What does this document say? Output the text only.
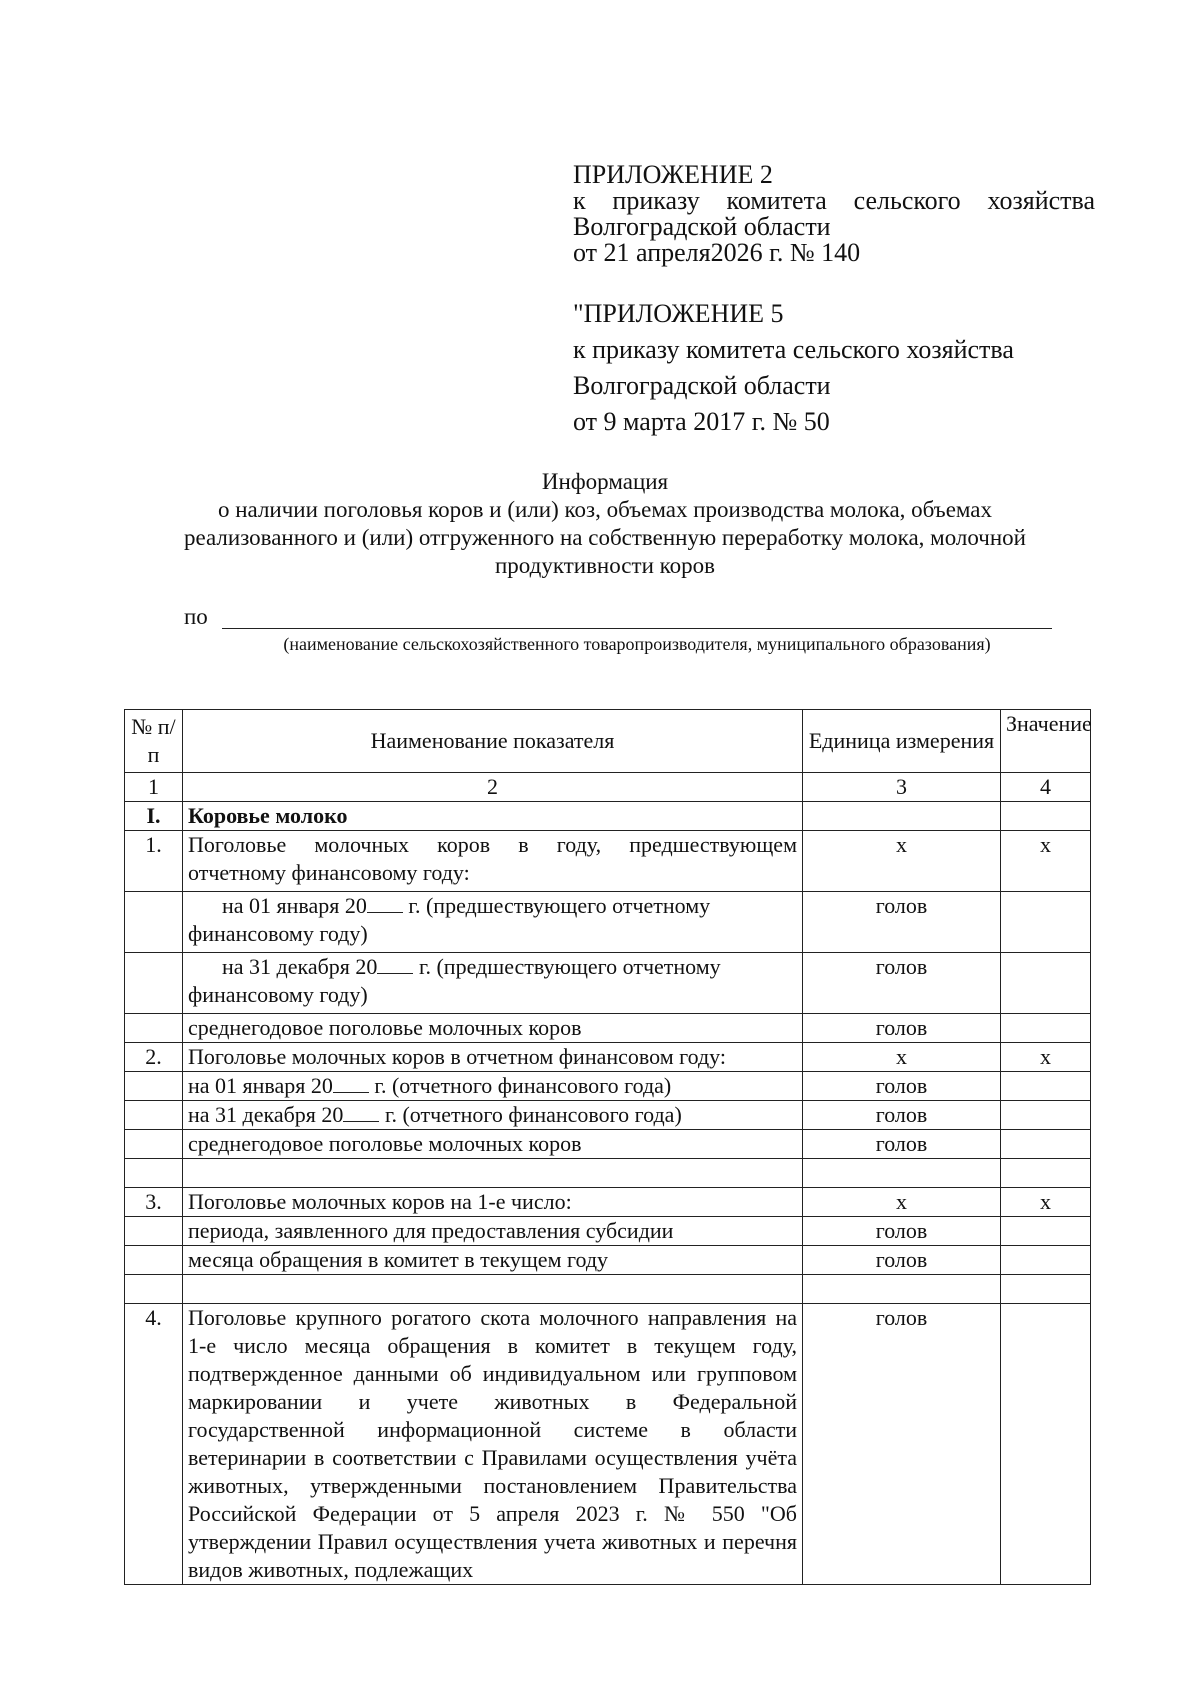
ПРИЛОЖЕНИЕ 2
к приказу комитета сельского хозяйства
Волгоградской области
от 21 апреля2026 г. № 140
"ПРИЛОЖЕНИЕ 5
к приказу комитета сельского хозяйства
Волгоградской области
от 9 марта 2017 г. № 50
Информация
о наличии поголовья коров и (или) коз, объемах производства молока, объемах
реализованного и (или) отгруженного на собственную переработку молока, молочной
продуктивности коров
по
(наименование сельскохозяйственного товаропроизводителя, муниципального образования)
№ п/п	Наименование показателя	Единица измерения	Значение
1	2	3	4
I.	Коровье молоко		
1.	Поголовье молочных коров в году, предшествующем
отчетному финансовому году:	х	х

	на 01 января 20 г. (предшествующего отчетному
финансовому году)	голов	

	на 31 декабря 20 г. (предшествующего отчетному
финансовому году)	голов	
	среднегодовое поголовье молочных коров	голов	
2.	Поголовье молочных коров в отчетном финансовом году:	х	х
	на 01 января 20 г. (отчетного финансового года)	голов	
	на 31 декабря 20 г. (отчетного финансового года)	голов	
	среднегодовое поголовье молочных коров	голов	

3.	Поголовье молочных коров на 1-е число:	х	х
	периода, заявленного для предоставления субсидии	голов	
	месяца обращения в комитет в текущем году	голов	

4.	Поголовье крупного рогатого скота молочного направления на 1-е число месяца обращения в комитет в текущем году, подтвержденное данными об индивидуальном или групповом маркировании и учете животных в Федеральной государственной информационной системе в области ветеринарии в соответствии с Правилами осуществления учёта животных, утвержденными постановлением Правительства Российской Федерации от 5 апреля 2023 г. № 550 "Об утверждении Правил осуществления учета животных и перечня видов животных, подлежащих	голов	
